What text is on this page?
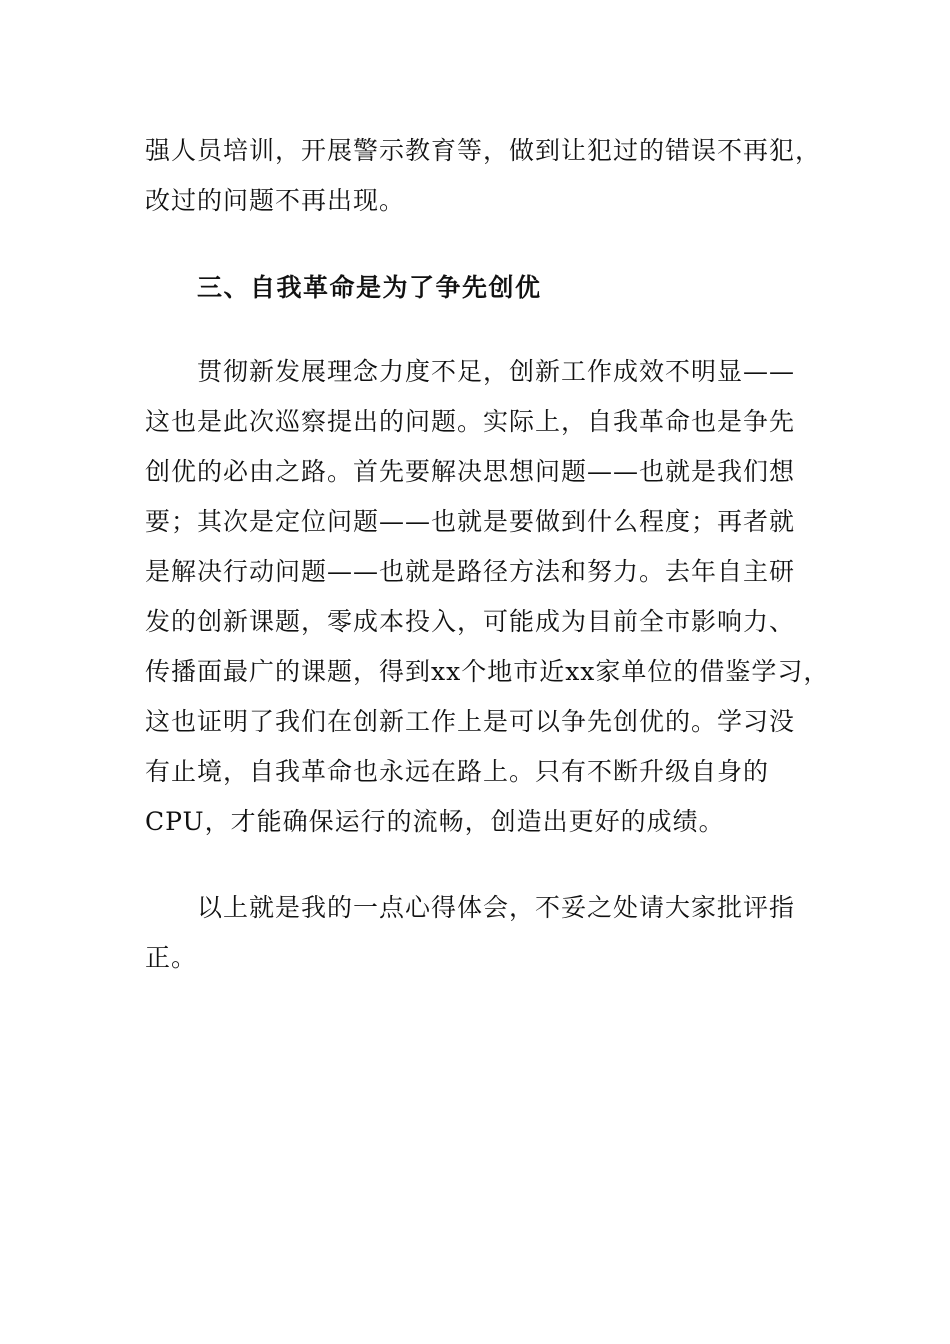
强人员培训，开展警示教育等，做到让犯过的错误不再犯，
改过的问题不再出现。
三、自我革命是为了争先创优
贯彻新发展理念力度不足，创新工作成效不明显——
这也是此次巡察提出的问题。实际上，自我革命也是争先
创优的必由之路。首先要解决思想问题——也就是我们想
要；其次是定位问题——也就是要做到什么程度；再者就
是解决行动问题——也就是路径方法和努力。去年自主研
发的创新课题，零成本投入，可能成为目前全市影响力、
传播面最广的课题，得到xx个地市近xx家单位的借鉴学习，
这也证明了我们在创新工作上是可以争先创优的。学习没
有止境，自我革命也永远在路上。只有不断升级自身的
CPU，才能确保运行的流畅，创造出更好的成绩。
以上就是我的一点心得体会，不妥之处请大家批评指
正。
